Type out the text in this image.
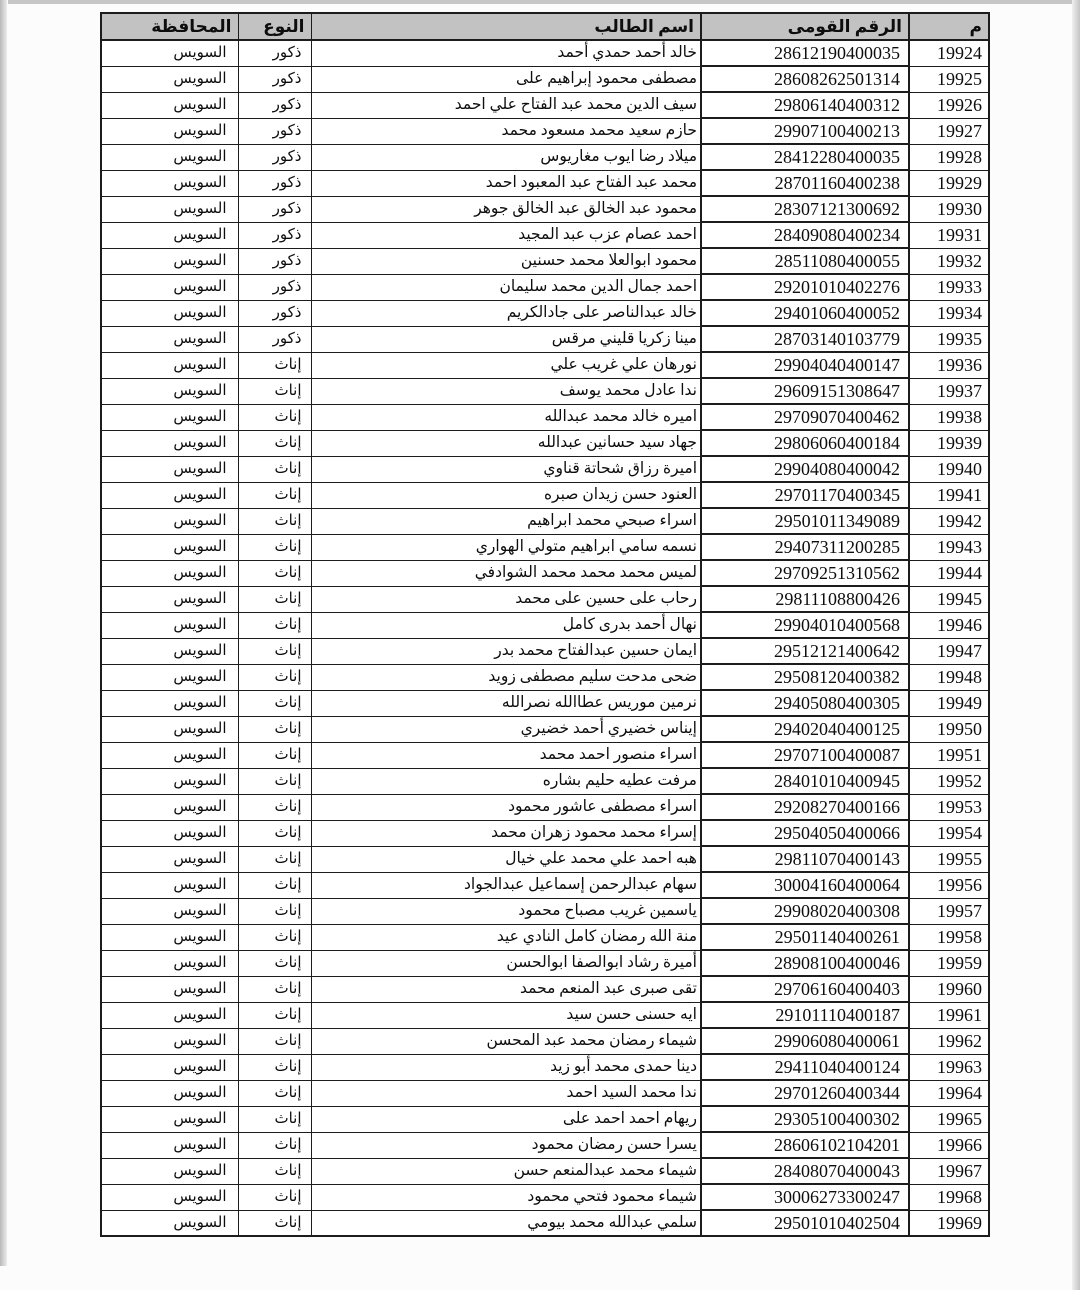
م	الرقم القومى	اسم الطالب	النوع	المحافظة
19924	28612190400035	خالد أحمد حمدي أحمد	ذكور	السويس
19925	28608262501314	مصطفى محمود إبراهيم على	ذكور	السويس
19926	29806140400312	سيف الدين محمد عبد الفتاح علي احمد	ذكور	السويس
19927	29907100400213	حازم سعيد محمد مسعود محمد	ذكور	السويس
19928	28412280400035	ميلاد رضا ايوب مغاريوس	ذكور	السويس
19929	28701160400238	محمد عبد الفتاح عبد المعبود احمد	ذكور	السويس
19930	28307121300692	محمود عبد الخالق عبد الخالق جوهر	ذكور	السويس
19931	28409080400234	احمد عصام عزب عبد المجيد	ذكور	السويس
19932	28511080400055	محمود ابوالعلا محمد حسنين	ذكور	السويس
19933	29201010402276	احمد جمال الدين محمد سليمان	ذكور	السويس
19934	29401060400052	خالد عبدالناصر على جادالكريم	ذكور	السويس
19935	28703140103779	مينا زكريا قليني مرقس	ذكور	السويس
19936	29904040400147	نورهان علي غريب علي	إناث	السويس
19937	29609151308647	ندا عادل محمد يوسف	إناث	السويس
19938	29709070400462	اميره خالد محمد عبدالله	إناث	السويس
19939	29806060400184	جهاد سيد حسانين عبدالله	إناث	السويس
19940	29904080400042	اميرة رزاق شحاتة قناوي	إناث	السويس
19941	29701170400345	العنود حسن زيدان صبره	إناث	السويس
19942	29501011349089	اسراء صبحي محمد ابراهيم	إناث	السويس
19943	29407311200285	نسمه سامي ابراهيم متولي الهواري	إناث	السويس
19944	29709251310562	لميس محمد محمد محمد الشوادفي	إناث	السويس
19945	29811108800426	رحاب على حسين على محمد	إناث	السويس
19946	29904010400568	نهال أحمد بدرى كامل	إناث	السويس
19947	29512121400642	ايمان حسين عبدالفتاح محمد بدر	إناث	السويس
19948	29508120400382	ضحى مدحت سليم مصطفى زويد	إناث	السويس
19949	29405080400305	نرمين موريس عطاالله نصرالله	إناث	السويس
19950	29402040400125	إيناس خضيري أحمد خضيري	إناث	السويس
19951	29707100400087	اسراء منصور احمد محمد	إناث	السويس
19952	28401010400945	مرفت عطيه حليم بشاره	إناث	السويس
19953	29208270400166	اسراء مصطفى عاشور محمود	إناث	السويس
19954	29504050400066	إسراء محمد محمود زهران محمد	إناث	السويس
19955	29811070400143	هبه احمد علي محمد علي خيال	إناث	السويس
19956	30004160400064	سهام عبدالرحمن إسماعيل عبدالجواد	إناث	السويس
19957	29908020400308	ياسمين غريب مصباح محمود	إناث	السويس
19958	29501140400261	منة الله رمضان كامل النادي عيد	إناث	السويس
19959	28908100400046	أميرة رشاد ابوالصفا ابوالحسن	إناث	السويس
19960	29706160400403	تقى صبرى عبد المنعم محمد	إناث	السويس
19961	29101110400187	ايه حسنى حسن سيد	إناث	السويس
19962	29906080400061	شيماء رمضان محمد عبد المحسن	إناث	السويس
19963	29411040400124	دينا حمدى محمد أبو زيد	إناث	السويس
19964	29701260400344	ندا محمد السيد احمد	إناث	السويس
19965	29305100400302	ريهام احمد احمد على	إناث	السويس
19966	28606102104201	يسرا حسن رمضان محمود	إناث	السويس
19967	28408070400043	شيماء محمد عبدالمنعم حسن	إناث	السويس
19968	30006273300247	شيماء محمود فتحي محمود	إناث	السويس
19969	29501010402504	سلمي عبدالله محمد بيومي	إناث	السويس
